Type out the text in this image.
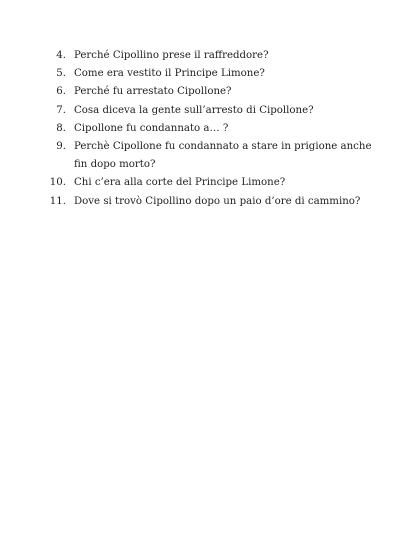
4. Perché Cipollino prese il raffreddore?
5. Come era vestito il Principe Limone?
6. Perché fu arrestato Cipollone?
7. Cosa diceva la gente sull’arresto di Cipollone?
8. Cipollone fu condannato a… ?
9. Perchè Cipollone fu condannato a stare in prigione anche fin dopo morto?
10. Chi c’era alla corte del Principe Limone?
11. Dove si trovò Cipollino dopo un paio d’ore di cammino?
